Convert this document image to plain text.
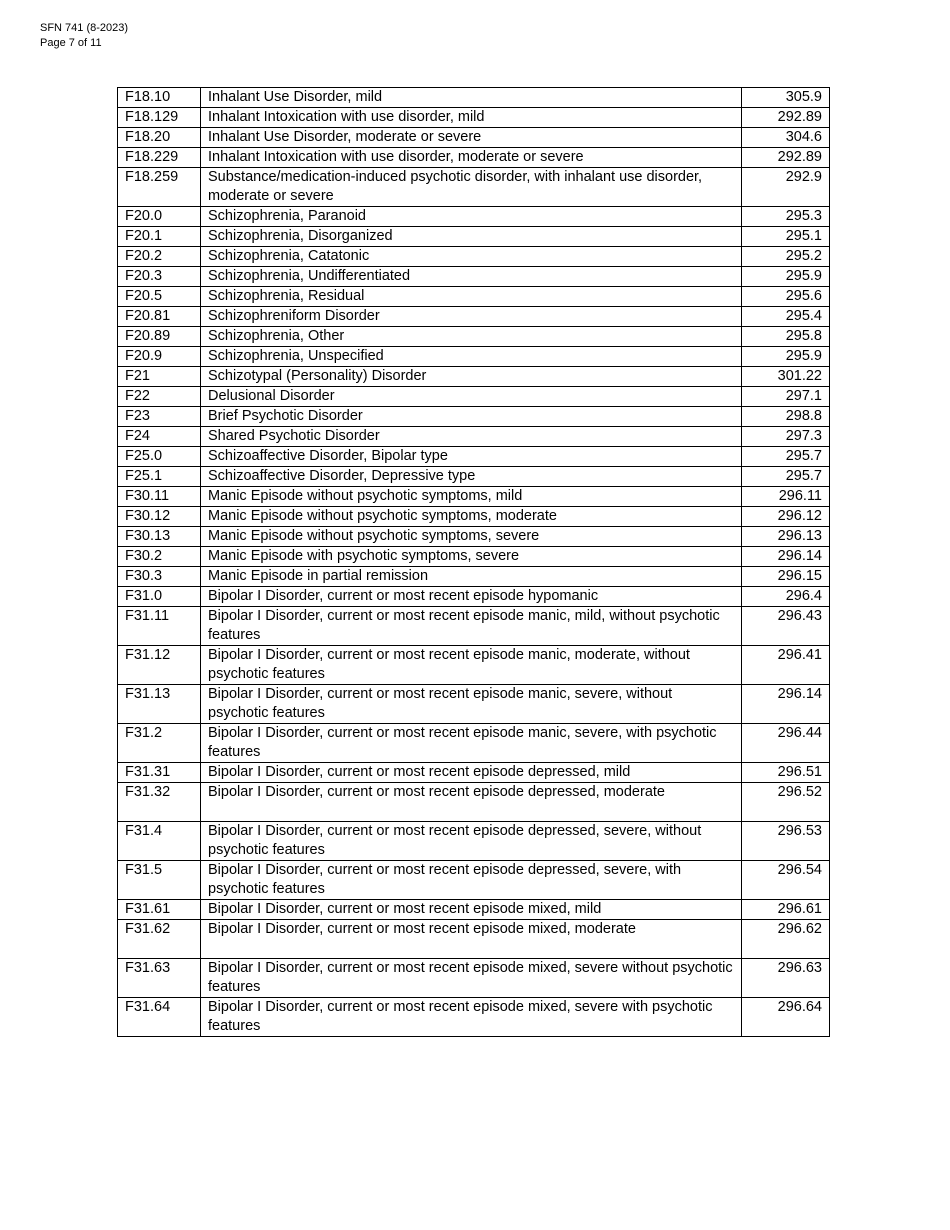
SFN 741 (8-2023)
Page 7 of 11
F18.10	Inhalant Use Disorder, mild	305.9
F18.129	Inhalant Intoxication with use disorder, mild	292.89
F18.20	Inhalant Use Disorder, moderate or severe	304.6
F18.229	Inhalant Intoxication with use disorder, moderate or severe	292.89
F18.259	Substance/medication-induced psychotic disorder, with inhalant use disorder, moderate or severe	292.9
F20.0	Schizophrenia, Paranoid	295.3
F20.1	Schizophrenia, Disorganized	295.1
F20.2	Schizophrenia, Catatonic	295.2
F20.3	Schizophrenia, Undifferentiated	295.9
F20.5	Schizophrenia, Residual	295.6
F20.81	Schizophreniform Disorder	295.4
F20.89	Schizophrenia, Other	295.8
F20.9	Schizophrenia, Unspecified	295.9
F21	Schizotypal (Personality) Disorder	301.22
F22	Delusional Disorder	297.1
F23	Brief Psychotic Disorder	298.8
F24	Shared Psychotic Disorder	297.3
F25.0	Schizoaffective Disorder, Bipolar type	295.7
F25.1	Schizoaffective Disorder, Depressive type	295.7
F30.11	Manic Episode without psychotic symptoms, mild	296.11
F30.12	Manic Episode without psychotic symptoms, moderate	296.12
F30.13	Manic Episode without psychotic symptoms, severe	296.13
F30.2	Manic Episode with psychotic symptoms, severe	296.14
F30.3	Manic Episode in partial remission	296.15
F31.0	Bipolar I Disorder, current or most recent episode hypomanic	296.4
F31.11	Bipolar I Disorder, current or most recent episode manic, mild, without psychotic features	296.43
F31.12	Bipolar I Disorder, current or most recent episode manic, moderate, without psychotic features	296.41
F31.13	Bipolar I Disorder, current or most recent episode manic, severe, without psychotic features	296.14
F31.2	Bipolar I Disorder, current or most recent episode manic, severe, with psychotic features	296.44
F31.31	Bipolar I Disorder, current or most recent episode depressed, mild	296.51
F31.32	Bipolar I Disorder, current or most recent episode depressed, moderate	296.52
F31.4	Bipolar I Disorder, current or most recent episode depressed, severe, without psychotic features	296.53
F31.5	Bipolar I Disorder, current or most recent episode depressed, severe, with psychotic features	296.54
F31.61	Bipolar I Disorder, current or most recent episode mixed, mild	296.61
F31.62	Bipolar I Disorder, current or most recent episode mixed, moderate	296.62
F31.63	Bipolar I Disorder, current or most recent episode mixed, severe without psychotic features	296.63
F31.64	Bipolar I Disorder, current or most recent episode mixed, severe with psychotic features	296.64
